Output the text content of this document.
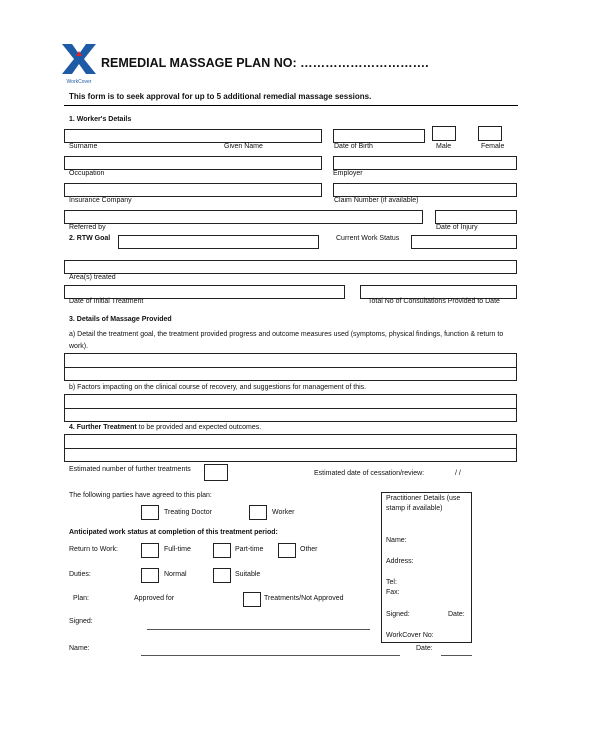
WorkCover
REMEDIAL MASSAGE PLAN NO: ………………………….
This form is to seek approval for up to 5 additional remedial massage sessions.
1. Worker's Details
Surname	Given Name	Date of Birth	Male	Female
Occupation	Employer
Insurance Company	Claim Number (if available)
Referred by	Date of Injury
2. RTW Goal	Current Work Status
Area(s) treated
Date of Initial Treatment	Total No of Consultations Provided to Date
3. Details of Massage Provided
a) Detail the treatment goal, the treatment provided progress and outcome measures used (symptoms, physical findings, function & return to
work).
b) Factors impacting on the clinical course of recovery, and suggestions for management of this.
4. Further Treatment to be provided and expected outcomes.
Estimated number of further treatments
Estimated date of cessation/review:	/ /
The following parties have agreed to this plan:
Treating Doctor	Worker
Anticipated work status at completion of this treatment period:
Return to Work:	Full-time	Part-time	Other
Duties:	Normal	Suitable
Plan:	Approved for	Treatments/Not Approved
Signed:
Name:	Date:
Practitioner Details (use
stamp if available)
Name:
Address:
Tel:
Fax:
Signed:	Date:
WorkCover No:
